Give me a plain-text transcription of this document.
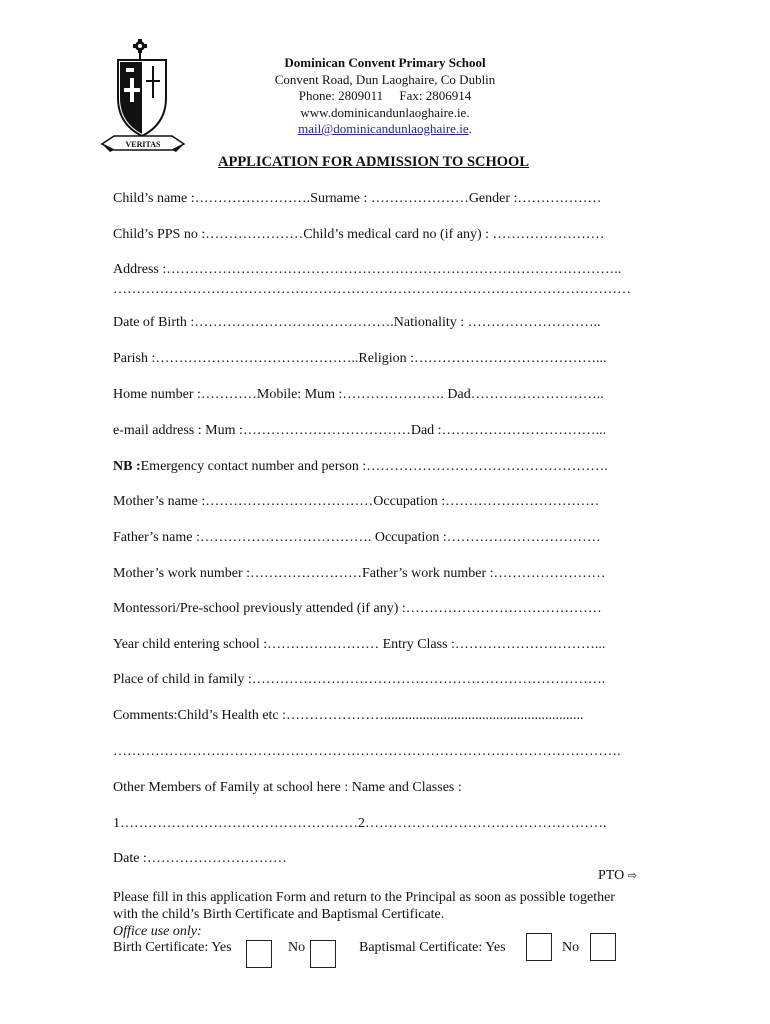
VERITAS
Dominican Convent Primary School
Convent Road, Dun Laoghaire, Co Dublin
Phone: 2809011     Fax: 2806914
www.dominicandunlaoghaire.ie.
mail@dominicandunlaoghaire.ie.
APPLICATION FOR ADMISSION TO SCHOOL
Child’s name :…………………….Surname : …………………Gender :………………
Child’s PPS no :…………………Child’s medical card no (if any) : ……………………
Address :……………………………………………………………………………………..
…………………………………………………………………………………………………
Date of Birth :…………………………………….Nationality : ………………………..
Parish :……………………………………..Religion :…………………………………...
Home number :…………Mobile: Mum :…………………. Dad………………………..
e-mail address : Mum :………………………………Dad :……………………………...
NB :Emergency contact number and person :…………………………………………….
Mother’s name :………………………………Occupation :……………………………
Father’s name :………………………………. Occupation :……………………………
Mother’s work number :……………………Father’s work number :……………………
Montessori/Pre-school previously attended (if any) :……………………………………
Year child entering school :…………………… Entry Class :…………………………...
Place of child in family :………………………………………………………………….
Comments:Child’s Health etc :………………….........................................................
……………………………………………………………………………………………….
Other Members of Family at school here : Name and Classes :
1……………………………………………2…………………………………………….
Date :…………………………
PTO ⇨
Please fill in this application Form and return to the Principal as soon as possible together
with the child’s Birth Certificate and Baptismal Certificate.
Office use only:
Birth Certificate: Yes	No	Baptismal Certificate: Yes	No
